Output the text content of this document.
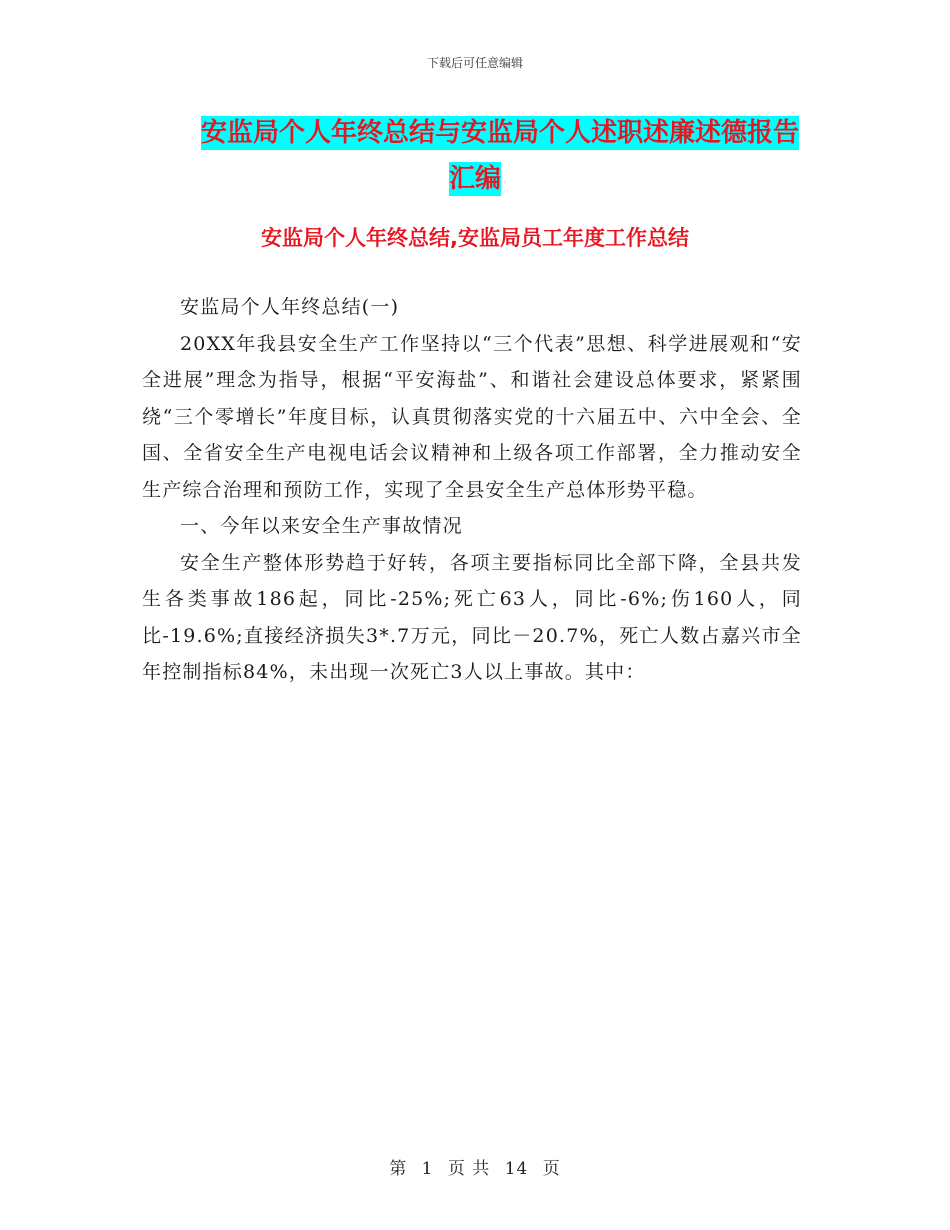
下载后可任意编辑
安监局个人年终总结与安监局个人述职述廉述德报告
汇编
安监局个人年终总结,安监局员工年度工作总结

安监局个人年终总结(一)

20XX年我县安全生产工作坚持以“三个代表”思想、科学进展观和“安全进展”理念为指导，根据“平安海盐”、和谐社会建设总体要求，紧紧围绕“三个零增长”年度目标，认真贯彻落实党的十六届五中、六中全会、全国、全省安全生产电视电话会议精神和上级各项工作部署，全力推动安全生产综合治理和预防工作，实现了全县安全生产总体形势平稳。

一、今年以来安全生产事故情况

安全生产整体形势趋于好转，各项主要指标同比全部下降，全县共发生各类事故186起，同比-25%;死亡63人，同比-6%;伤160人，同比-19.6%;直接经济损失3*.7万元，同比－20.7%，死亡人数占嘉兴市全年控制指标84%，未出现一次死亡3人以上事故。其中：

第 1 页 共 14 页
